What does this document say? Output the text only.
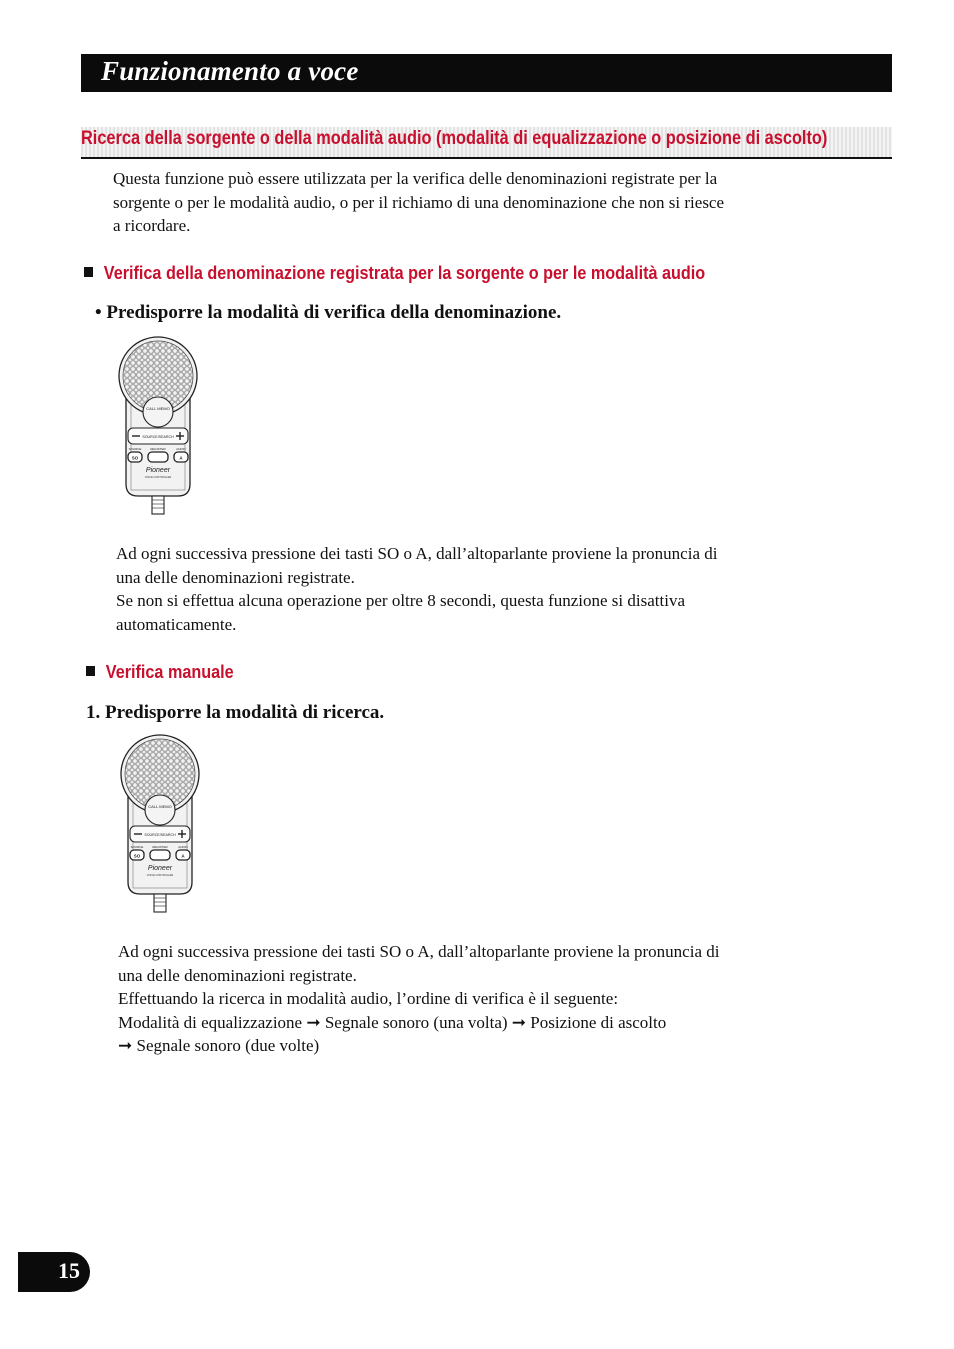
Funzionamento a voce
Ricerca della sorgente o della modalità audio (modalità di equalizzazione o posizione di ascolto)
Questa funzione può essere utilizzata per la verifica delle denominazioni registrate per la
sorgente o per le modalità audio, o per il richiamo di una denominazione che non si riesce
a ricordare.
Verifica della denominazione registrata per la sorgente o per le modalità audio
• Predisporre la modalità di verifica della denominazione.
CALL MEMO
SOURCE/SEARCH
SOURCE	REGISTER	AUDIO
SO	A
Pioneer
VOICE CONTROLLER
Ad ogni successiva pressione dei tasti SO o A, dall’altoparlante proviene la pronuncia di
una delle denominazioni registrate.
Se non si effettua alcuna operazione per oltre 8 secondi, questa funzione si disattiva
automaticamente.
Verifica manuale
1. Predisporre la modalità di ricerca.
CALL MEMO
SOURCE/SEARCH
SOURCE	REGISTER	AUDIO
SO	A
Pioneer
VOICE CONTROLLER
Ad ogni successiva pressione dei tasti SO o A, dall’altoparlante proviene la pronuncia di
una delle denominazioni registrate.
Effettuando la ricerca in modalità audio, l’ordine di verifica è il seguente:
Modalità di equalizzazione ➞ Segnale sonoro (una volta) ➞ Posizione di ascolto
➞ Segnale sonoro (due volte)
15
